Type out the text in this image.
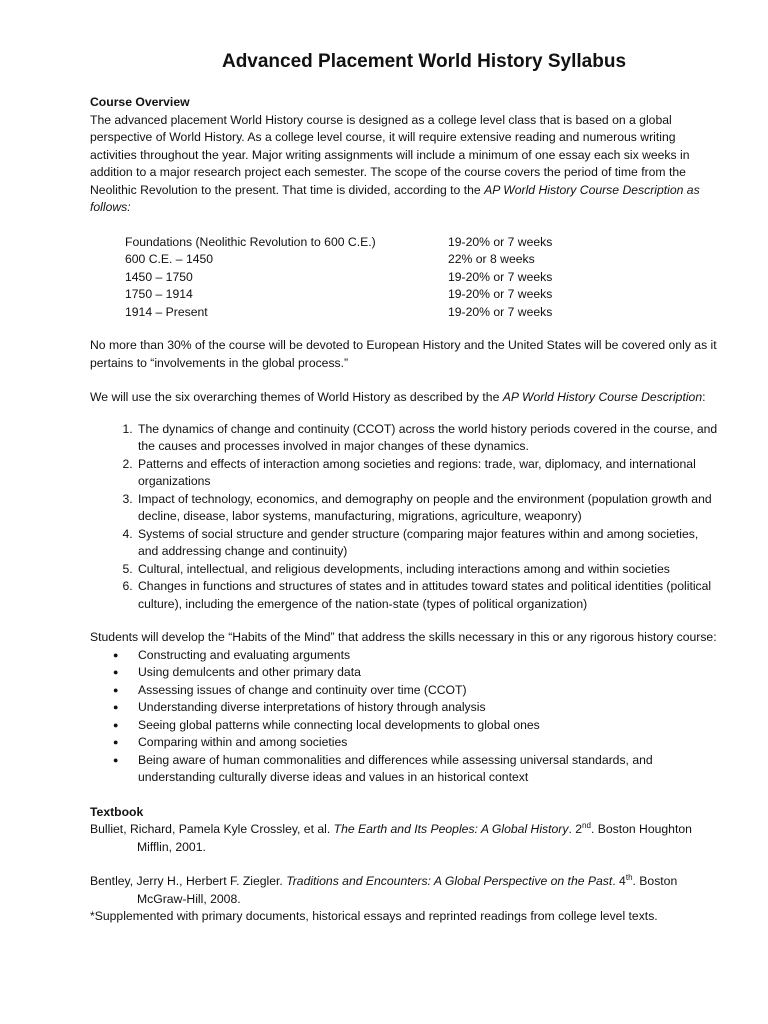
Advanced Placement World History Syllabus
Course Overview

The advanced placement World History course is designed as a college level class that is based on a global perspective of World History. As a college level course, it will require extensive reading and numerous writing activities throughout the year. Major writing assignments will include a minimum of one essay each six weeks in addition to a major research project each semester. The scope of the course covers the period of time from the Neolithic Revolution to the present. That time is divided, according to the AP World History Course Description as follows:

Foundations (Neolithic Revolution to 600 C.E.)	19-20% or 7 weeks
600 C.E. – 1450	22% or 8 weeks
1450 – 1750	19-20% or 7 weeks
1750 – 1914	19-20% or 7 weeks
1914 – Present	19-20% or 7 weeks

No more than 30% of the course will be devoted to European History and the United States will be covered only as it pertains to “involvements in the global process.”

We will use the six overarching themes of World History as described by the AP World History Course Description:

1. The dynamics of change and continuity (CCOT) across the world history periods covered in the course, and the causes and processes involved in major changes of these dynamics.
2. Patterns and effects of interaction among societies and regions: trade, war, diplomacy, and international organizations
3. Impact of technology, economics, and demography on people and the environment (population growth and decline, disease, labor systems, manufacturing, migrations, agriculture, weaponry)
4. Systems of social structure and gender structure (comparing major features within and among societies, and addressing change and continuity)
5. Cultural, intellectual, and religious developments, including interactions among and within societies
6. Changes in functions and structures of states and in attitudes toward states and political identities (political culture), including the emergence of the nation-state (types of political organization)

Students will develop the “Habits of the Mind” that address the skills necessary in this or any rigorous history course:

● Constructing and evaluating arguments
● Using demulcents and other primary data
● Assessing issues of change and continuity over time (CCOT)
● Understanding diverse interpretations of history through analysis
● Seeing global patterns while connecting local developments to global ones
● Comparing within and among societies
● Being aware of human commonalities and differences while assessing universal standards, and understanding culturally diverse ideas and values in an historical context
Textbook

Bulliet, Richard, Pamela Kyle Crossley, et al. The Earth and Its Peoples: A Global History. 2nd. Boston Houghton Mifflin, 2001.

Bentley, Jerry H., Herbert F. Ziegler. Traditions and Encounters: A Global Perspective on the Past. 4th. Boston McGraw-Hill, 2008.

*Supplemented with primary documents, historical essays and reprinted readings from college level texts.
